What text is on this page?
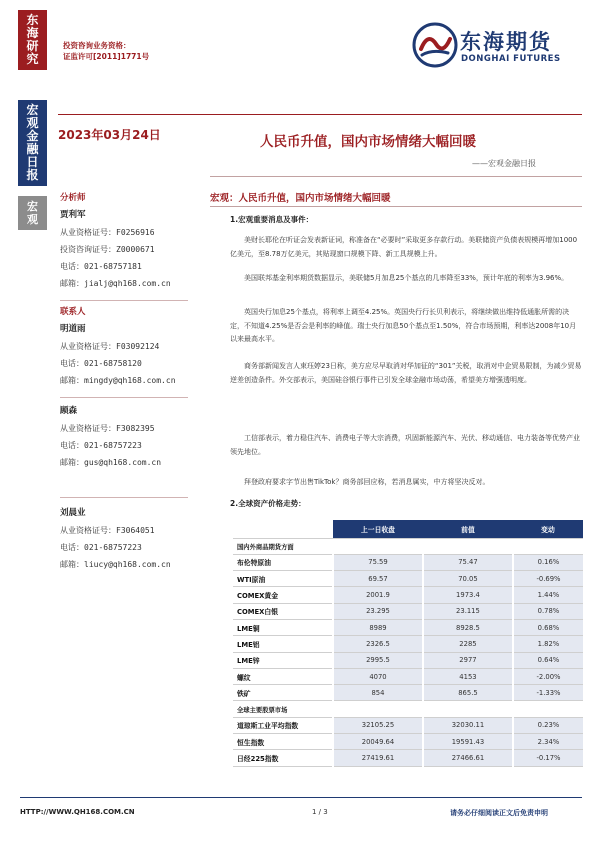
东
海
研
究
宏
观
金
融
日
报
宏
观
投资咨询业务资格：
证监许可[2011]1771号
东海期货
DONGHAI FUTURES
2023年03月24日	人民币升值，国内市场情绪大幅回暖
——宏观金融日报
分析师
贾利军
从业资格证号：F0256916
投资咨询证号：Z0000671
电话：021-68757181
邮箱：jialj@qh168.com.cn
联系人
明道雨
从业资格证号：F03092124
电话：021-68758120
邮箱：mingdy@qh168.com.cn
顾森
从业资格证号：F3082395
电话：021-68757223
邮箱：gus@qh168.com.cn
刘晨业
从业资格证号：F3064051
电话：021-68757223
邮箱：liucy@qh168.com.cn
宏观：人民币升值，国内市场情绪大幅回暖
1.宏观重要消息及事件：
美财长耶伦在听证会发表新证词，称准备在“必要时”采取更多存款行动。美联储资产负债表规模再增加1000亿美元，至8.78万亿美元，其贴现窗口规模下降、新工具规模上升。
美国联邦基金利率期货数据显示，美联储5月加息25个基点的几率降至33%，预计年底的利率为3.96%。
英国央行加息25个基点，将利率上调至4.25%。英国央行行长贝利表示，将继续做出维持低通胀所需的决定，不知道4.25%是否会是利率的峰值。瑞士央行加息50个基点至1.50%，符合市场预期，利率达2008年10月以来最高水平。
商务部新闻发言人束珏婷23日称，美方应尽早取消对华加征的“301”关税，取消对中企贸易限制，为减少贸易逆差创造条件。外交部表示，美国硅谷银行事件已引发全球金融市场动荡，希望美方增强透明度。
工信部表示，着力稳住汽车、消费电子等大宗消费，巩固新能源汽车、光伏、移动通信、电力装备等优势产业领先地位。
拜登政府要求字节出售TikTok？商务部回应称，若消息属实，中方将坚决反对。
2.全球资产价格走势：
	上一日收盘	前值	变动
国内外商品期货方面			
布伦特原油	75.59	75.47	0.16%
WTI原油	69.57	70.05	-0.69%
COMEX黄金	2001.9	1973.4	1.44%
COMEX白银	23.295	23.115	0.78%
LME铜	8989	8928.5	0.68%
LME铝	2326.5	2285	1.82%
LME锌	2995.5	2977	0.64%
螺纹	4070	4153	-2.00%
铁矿	854	865.5	-1.33%
全球主要股票市场			
道琼斯工业平均指数	32105.25	32030.11	0.23%
恒生指数	20049.64	19591.43	2.34%
日经225指数	27419.61	27466.61	-0.17%
HTTP://WWW.QH168.COM.CN	1 / 3	请务必仔细阅读正文后免责申明
